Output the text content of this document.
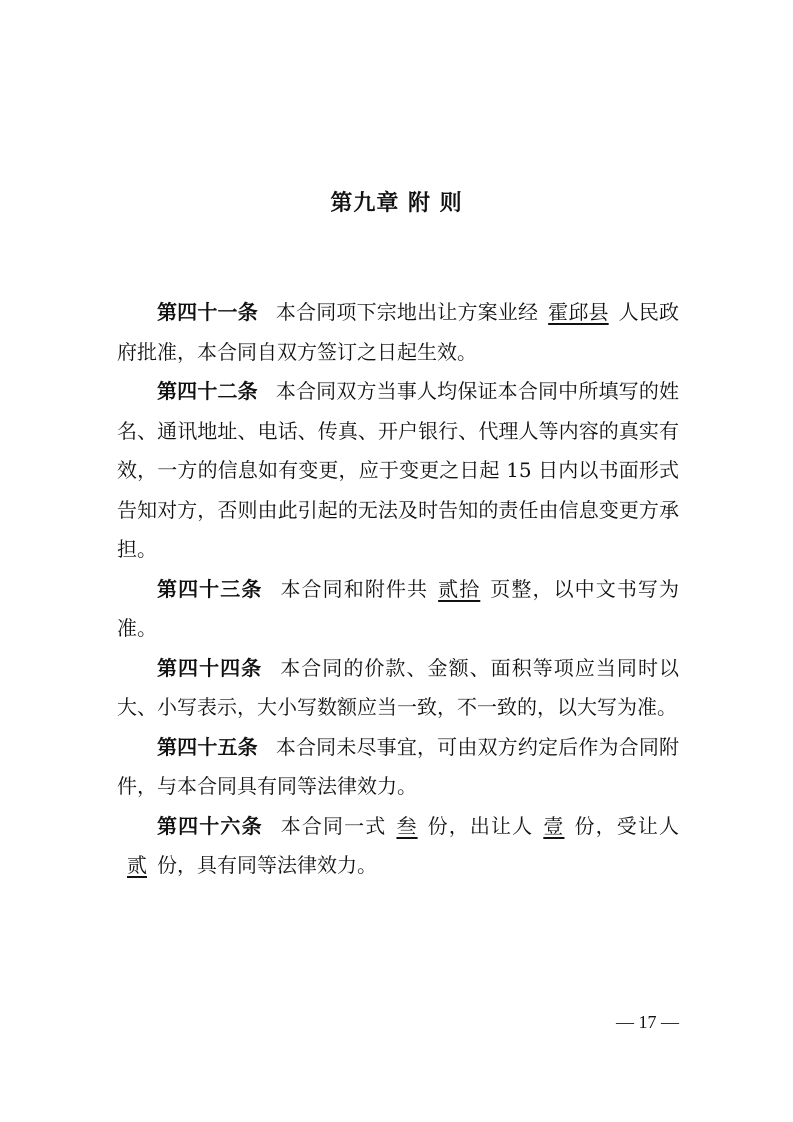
第九章 附 则

第四十一条 本合同项下宗地出让方案业经 霍邱县 人民政府批准，本合同自双方签订之日起生效。

第四十二条 本合同双方当事人均保证本合同中所填写的姓名、通讯地址、电话、传真、开户银行、代理人等内容的真实有效，一方的信息如有变更，应于变更之日起 15 日内以书面形式告知对方，否则由此引起的无法及时告知的责任由信息变更方承担。

第四十三条 本合同和附件共 贰拾 页整，以中文书写为准。

第四十四条 本合同的价款、金额、面积等项应当同时以大、小写表示，大小写数额应当一致，不一致的，以大写为准。

第四十五条 本合同未尽事宜，可由双方约定后作为合同附件，与本合同具有同等法律效力。

第四十六条 本合同一式 叁 份，出让人 壹 份，受让人贰 份，具有同等法律效力。

— 17 —
